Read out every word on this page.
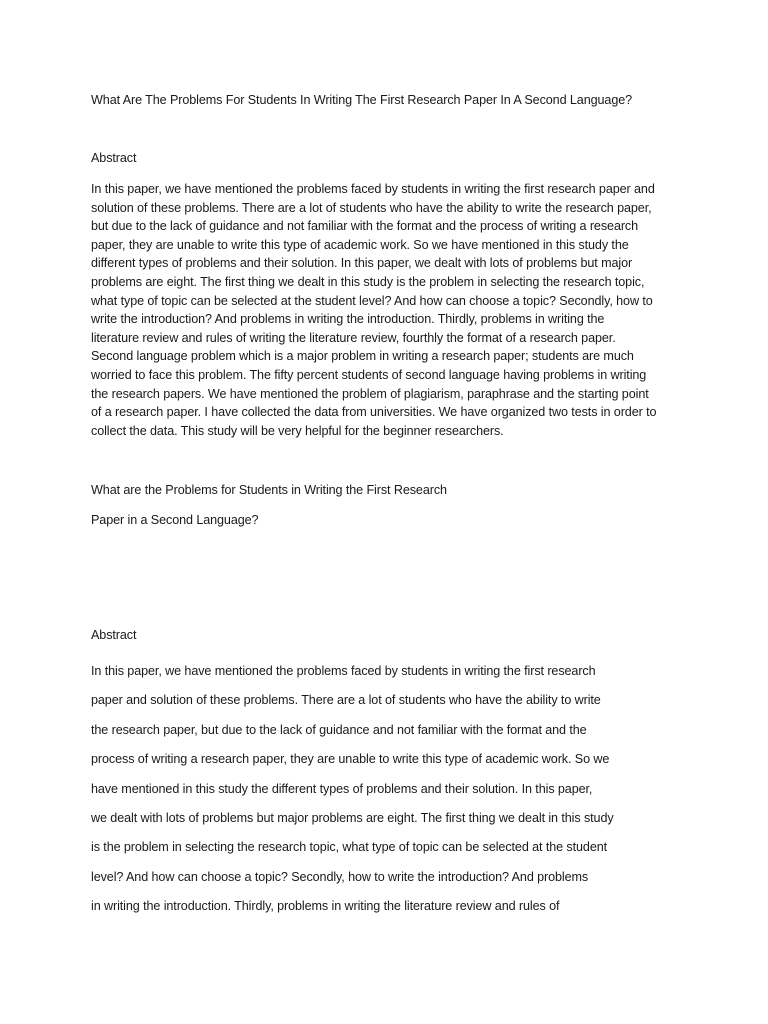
What Are The Problems For Students In Writing The First Research Paper In A Second Language?

Abstract

In this paper, we have mentioned the problems faced by students in writing the first research paper and
solution of these problems. There are a lot of students who have the ability to write the research paper,
but due to the lack of guidance and not familiar with the format and the process of writing a research
paper, they are unable to write this type of academic work. So we have mentioned in this study the
different types of problems and their solution. In this paper, we dealt with lots of problems but major
problems are eight. The first thing we dealt in this study is the problem in selecting the research topic,
what type of topic can be selected at the student level? And how can choose a topic? Secondly, how to
write the introduction? And problems in writing the introduction. Thirdly, problems in writing the
literature review and rules of writing the literature review, fourthly the format of a research paper.
Second language problem which is a major problem in writing a research paper; students are much
worried to face this problem. The fifty percent students of second language having problems in writing
the research papers. We have mentioned the problem of plagiarism, paraphrase and the starting point
of a research paper. I have collected the data from universities. We have organized two tests in order to
collect the data. This study will be very helpful for the beginner researchers.

What are the Problems for Students in Writing the First Research

Paper in a Second Language?

Abstract

In this paper, we have mentioned the problems faced by students in writing the first research
paper and solution of these problems. There are a lot of students who have the ability to write
the research paper, but due to the lack of guidance and not familiar with the format and the
process of writing a research paper, they are unable to write this type of academic work. So we
have mentioned in this study the different types of problems and their solution. In this paper,
we dealt with lots of problems but major problems are eight. The first thing we dealt in this study
is the problem in selecting the research topic, what type of topic can be selected at the student
level? And how can choose a topic? Secondly, how to write the introduction? And problems
in writing the introduction. Thirdly, problems in writing the literature review and rules of
